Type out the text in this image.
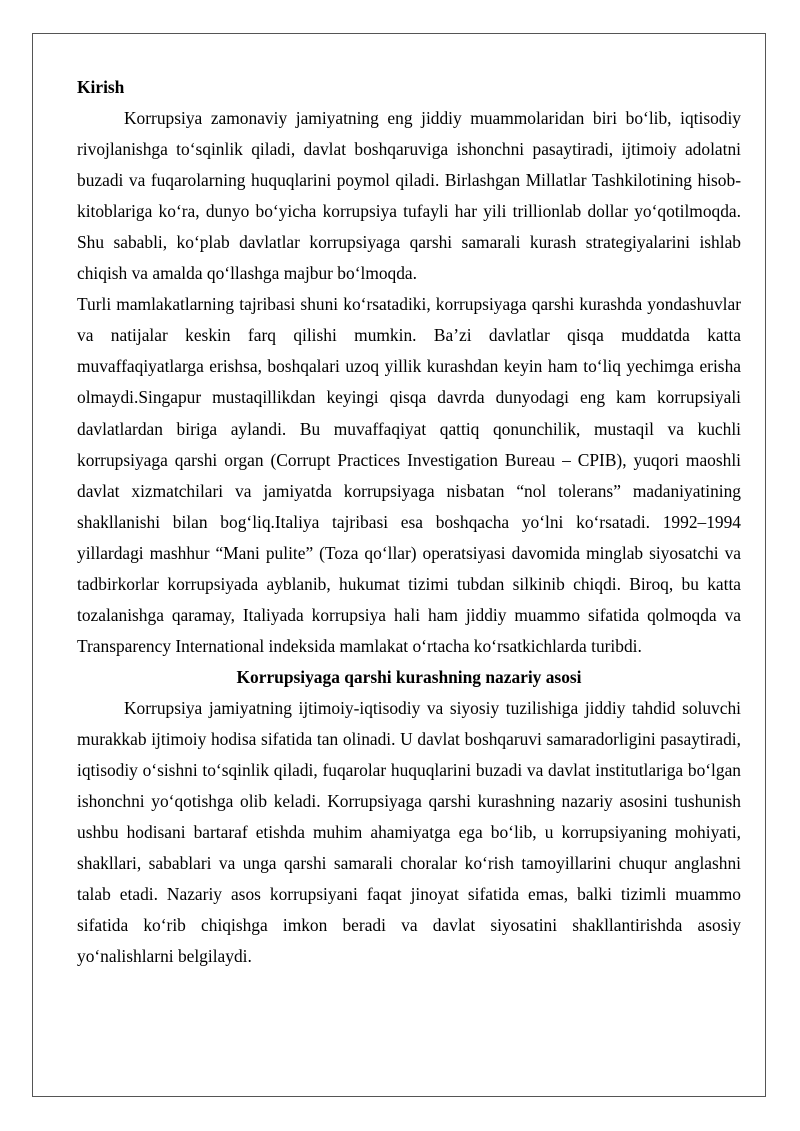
Kirish

Korrupsiya zamonaviy jamiyatning eng jiddiy muammolaridan biri bo‘lib, iqtisodiy rivojlanishga to‘sqinlik qiladi, davlat boshqaruviga ishonchni pasaytiradi, ijtimoiy adolatni buzadi va fuqarolarning huquqlarini poymol qiladi. Birlashgan Millatlar Tashkilotining hisob-kitoblariga ko‘ra, dunyo bo‘yicha korrupsiya tufayli har yili trillionlab dollar yo‘qotilmoqda. Shu sababli, ko‘plab davlatlar korrupsiyaga qarshi samarali kurash strategiyalarini ishlab chiqish va amalda qo‘llashga majbur bo‘lmoqda.

Turli mamlakatlarning tajribasi shuni ko‘rsatadiki, korrupsiyaga qarshi kurashda yondashuvlar va natijalar keskin farq qilishi mumkin. Ba’zi davlatlar qisqa muddatda katta muvaffaqiyatlarga erishsa, boshqalari uzoq yillik kurashdan keyin ham to‘liq yechimga erisha olmaydi.Singapur mustaqillikdan keyingi qisqa davrda dunyodagi eng kam korrupsiyali davlatlardan biriga aylandi. Bu muvaffaqiyat qattiq qonunchilik, mustaqil va kuchli korrupsiyaga qarshi organ (Corrupt Practices Investigation Bureau – CPIB), yuqori maoshli davlat xizmatchilari va jamiyatda korrupsiyaga nisbatan “nol tolerans” madaniyatining shakllanishi bilan bog‘liq.Italiya tajribasi esa boshqacha yo‘lni ko‘rsatadi. 1992–1994 yillardagi mashhur “Mani pulite” (Toza qo‘llar) operatsiyasi davomida minglab siyosatchi va tadbirkorlar korrupsiyada ayblanib, hukumat tizimi tubdan silkinib chiqdi. Biroq, bu katta tozalanishga qaramay, Italiyada korrupsiya hali ham jiddiy muammo sifatida qolmoqda va Transparency International indeksida mamlakat o‘rtacha ko‘rsatkichlarda turibdi.

Korrupsiyaga qarshi kurashning nazariy asosi

Korrupsiya jamiyatning ijtimoiy-iqtisodiy va siyosiy tuzilishiga jiddiy tahdid soluvchi murakkab ijtimoiy hodisa sifatida tan olinadi. U davlat boshqaruvi samaradorligini pasaytiradi, iqtisodiy o‘sishni to‘sqinlik qiladi, fuqarolar huquqlarini buzadi va davlat institutlariga bo‘lgan ishonchni yo‘qotishga olib keladi. Korrupsiyaga qarshi kurashning nazariy asosini tushunish ushbu hodisani bartaraf etishda muhim ahamiyatga ega bo‘lib, u korrupsiyaning mohiyati, shakllari, sabablari va unga qarshi samarali choralar ko‘rish tamoyillarini chuqur anglashni talab etadi. Nazariy asos korrupsiyani faqat jinoyat sifatida emas, balki tizimli muammo sifatida ko‘rib chiqishga imkon beradi va davlat siyosatini shakllantirishda asosiy yo‘nalishlarni belgilaydi.
